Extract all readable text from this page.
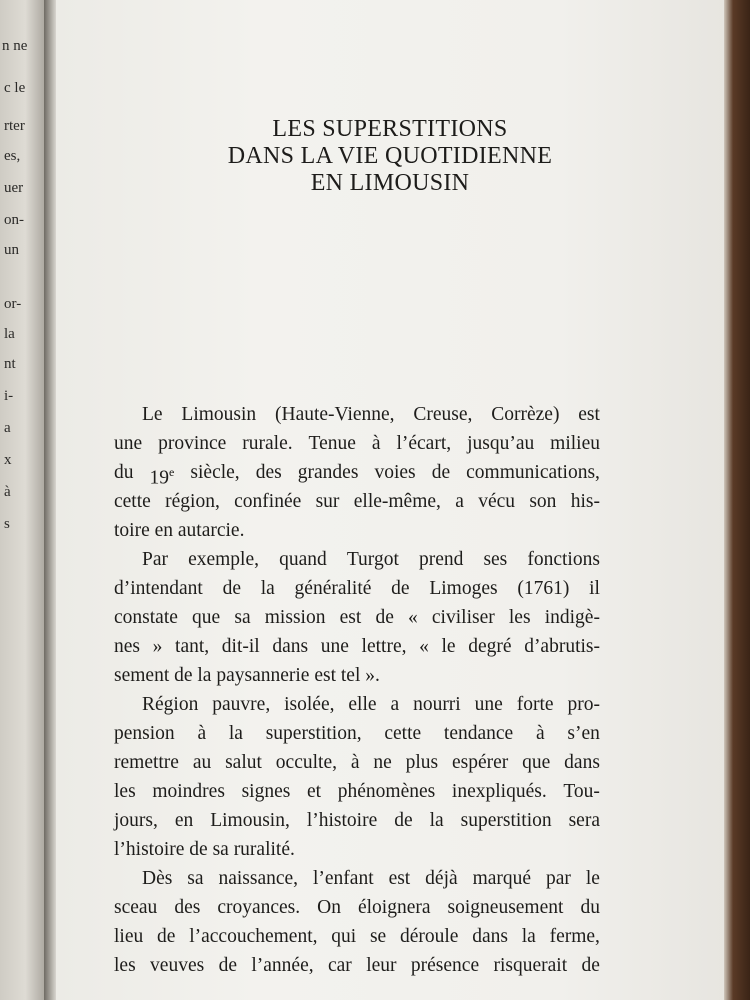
n ne
c le
rter
es,
uer
on-
un
or-
la
nt
i-
a
x
à
s
LES SUPERSTITIONS
DANS LA VIE QUOTIDIENNE
EN LIMOUSIN
Le Limousin (Haute-Vienne, Creuse, Corrèze) est
une province rurale. Tenue à l’écart, jusqu’au milieu
du 19e siècle, des grandes voies de communications,
cette région, confinée sur elle-même, a vécu son his-
toire en autarcie.
Par exemple, quand Turgot prend ses fonctions
d’intendant de la généralité de Limoges (1761) il
constate que sa mission est de « civiliser les indigè-
nes » tant, dit-il dans une lettre, « le degré d’abrutis-
sement de la paysannerie est tel ».
Région pauvre, isolée, elle a nourri une forte pro-
pension à la superstition, cette tendance à s’en
remettre au salut occulte, à ne plus espérer que dans
les moindres signes et phénomènes inexpliqués. Tou-
jours, en Limousin, l’histoire de la superstition sera
l’histoire de sa ruralité.
Dès sa naissance, l’enfant est déjà marqué par le
sceau des croyances. On éloignera soigneusement du
lieu de l’accouchement, qui se déroule dans la ferme,
les veuves de l’année, car leur présence risquerait de
